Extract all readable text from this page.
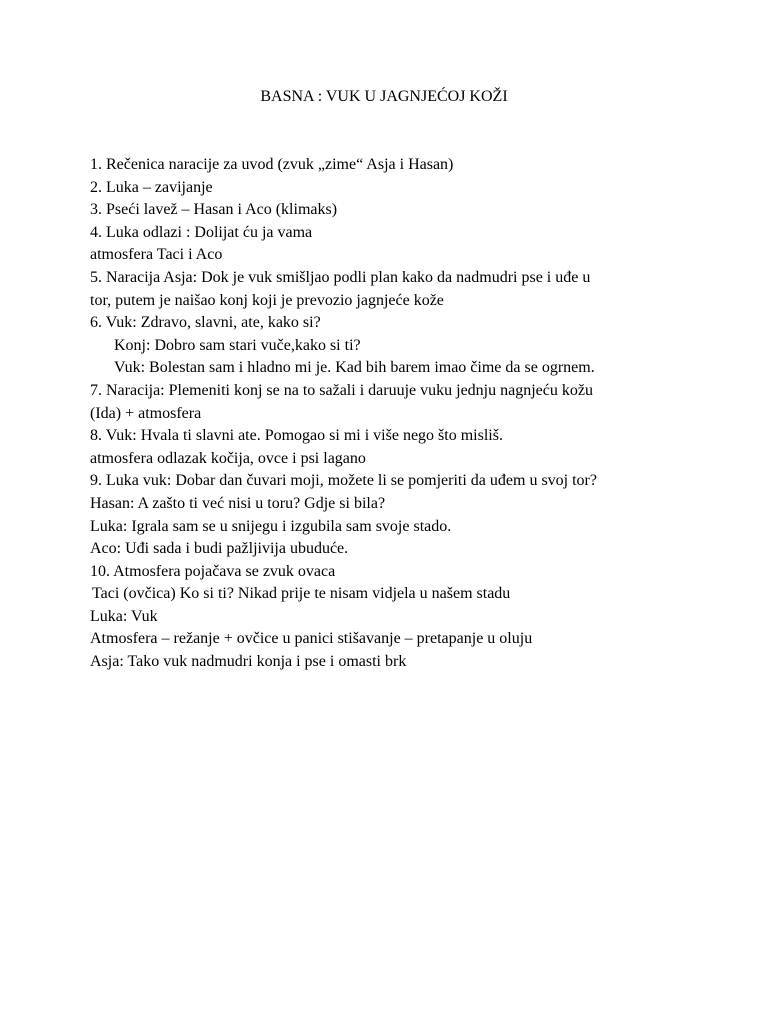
BASNA : VUK U JAGNJEĆOJ KOŽI
1. Rečenica naracije za uvod (zvuk „zime“ Asja i Hasan)
2. Luka – zavijanje
3. Pseći lavež – Hasan i Aco (klimaks)
4. Luka odlazi : Dolijat ću ja vama
atmosfera Taci i Aco
5. Naracija Asja: Dok je vuk smišljao podli plan kako da nadmudri pse i uđe u
tor, putem je naišao konj koji je prevozio jagnjeće kože
6. Vuk: Zdravo, slavni, ate, kako si?
Konj: Dobro sam stari vuče,kako si ti?
Vuk: Bolestan sam i hladno mi je. Kad bih barem imao čime da se ogrnem.
7. Naracija: Plemeniti konj se na to sažali i daruuje vuku jednju nagnjeću kožu
(Ida) + atmosfera
8. Vuk: Hvala ti slavni ate. Pomogao si mi i više nego što misliš.
atmosfera odlazak kočija, ovce i psi lagano
9. Luka vuk: Dobar dan čuvari moji, možete li se pomjeriti da uđem u svoj tor?
Hasan: A zašto ti već nisi u toru? Gdje si bila?
Luka: Igrala sam se u snijegu i izgubila sam svoje stado.
Aco: Uđi sada i budi pažljivija ubuduće.
10. Atmosfera pojačava se zvuk ovaca
Taci (ovčica) Ko si ti? Nikad prije te nisam vidjela u našem stadu
Luka: Vuk
Atmosfera – režanje + ovčice u panici stišavanje – pretapanje u oluju
Asja: Tako vuk nadmudri konja i pse i omasti brk
